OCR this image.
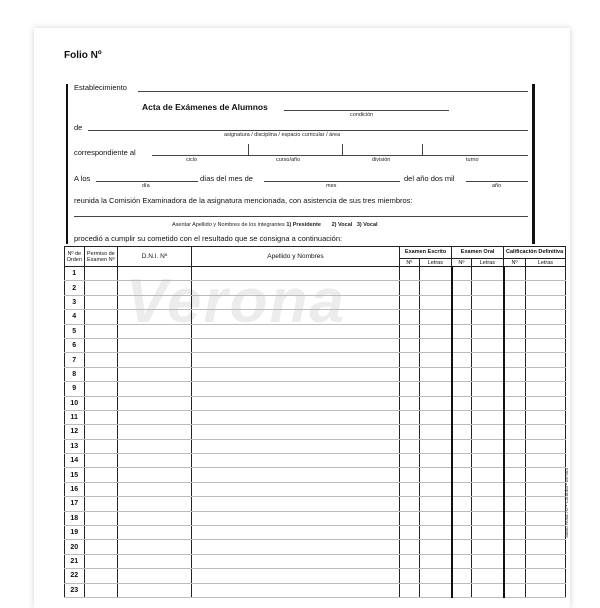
Folio Nº
Establecimiento
Acta de Exámenes de Alumnos
condición
de
asignatura / disciplina / espacio curricular / área
correspondiente al
ciclo	curso/año	división	turno
A los	días del mes de	del año dos mil
día	mes	año
reunida la Comisión Examinadora de la asignatura mencionada, con asistencia de sus tres miembros:
Asentar Apellido y Nombres de los integrantes 1) Presidente 2) Vocal 3) Vocal
procedió a cumplir su cometido con el resultado que se consigna a continuación:
Verona
Nº de Orden	Permiso de Examen Nº	D.N.I. Nº	Apellido y Nombres	Examen Escrito		Examen Oral		Calificación Definitiva	
				Nº	Letras	Nº	Letras	Nº	Letras
1									
2									
3									
4									
5									
6									
7									
8									
9									
10									
11									
12									
13									
14									
15									
16									
17									
18									
19									
20									
21									
22									
23									
Santo Rosa 7D • Córdoba • 04-364
